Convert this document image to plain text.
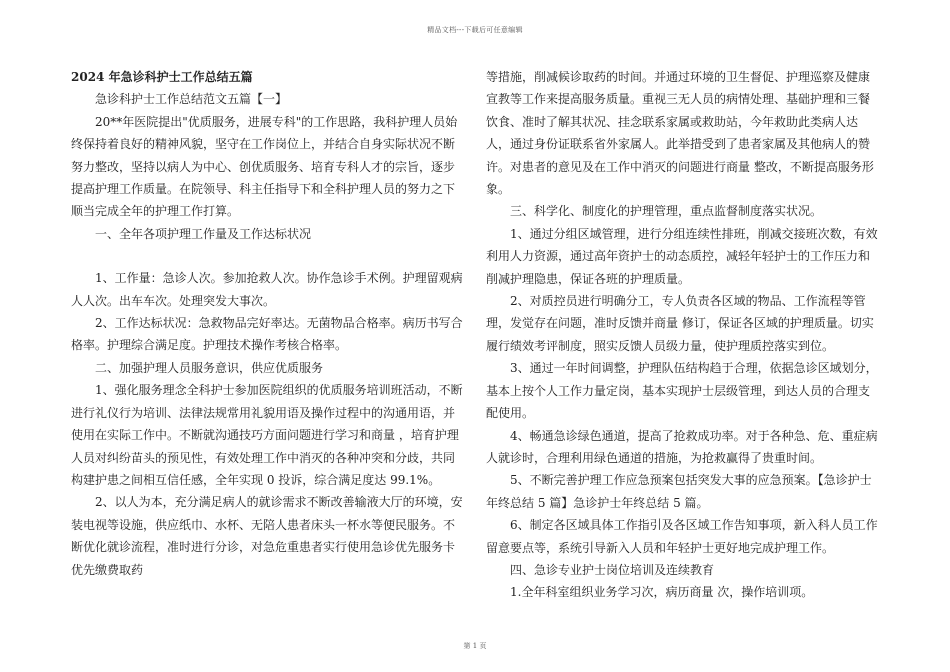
精品文档---下载后可任意编辑

2024 年急诊科护士工作总结五篇

急诊科护士工作总结范文五篇【一】

20**年医院提出"优质服务，进展专科"的工作思路，我科护理人员始终保持着良好的精神风貌，坚守在工作岗位上，并结合自身实际状况不断努力整改，坚持以病人为中心、创优质服务、培育专科人才的宗旨，逐步提高护理工作质量。在院领导、科主任指导下和全科护理人员的努力之下顺当完成全年的护理工作打算。

一、全年各项护理工作量及工作达标状况

1、工作量：急诊人次。参加抢救人次。协作急诊手术例。护理留观病人人次。出车车次。处理突发大事次。

2、工作达标状况：急救物品完好率达。无菌物品合格率。病历书写合格率。护理综合满足度。护理技术操作考核合格率。

二、加强护理人员服务意识，供应优质服务

1、强化服务理念全科护士参加医院组织的优质服务培训班活动，不断进行礼仪行为培训、法律法规常用礼貌用语及操作过程中的沟通用语，并使用在实际工作中。不断就沟通技巧方面问题进行学习和商量 ，培育护理人员对纠纷苗头的预见性，有效处理工作中消灭的各种冲突和分歧，共同构建护患之间相互信任感，全年实现 0 投诉，综合满足度达 99.1%。

2、以人为本，充分满足病人的就诊需求不断改善输液大厅的环境，安装电视等设施，供应纸巾、水杯、无陪人患者床头一杯水等便民服务。不断优化就诊流程，准时进行分诊，对急危重患者实行使用急诊优先服务卡优先缴费取药

等措施，削减候诊取药的时间。并通过环境的卫生督促、护理巡察及健康宣教等工作来提高服务质量。重视三无人员的病情处理、基础护理和三餐饮食、准时了解其状况、挂念联系家属或救助站，今年救助此类病人达人，通过身份证联系省外家属人。此举措受到了患者家属及其他病人的赞许。对患者的意见及在工作中消灭的问题进行商量 整改，不断提高服务形象。

三、科学化、制度化的护理管理，重点监督制度落实状况。

1、通过分组区域管理，进行分组连续性排班，削减交接班次数，有效利用人力资源，通过高年资护士的动态质控，减轻年轻护士的工作压力和削减护理隐患，保证各班的护理质量。

2、对质控员进行明确分工，专人负责各区域的物品、工作流程等管理，发觉存在问题，准时反馈并商量 修订，保证各区域的护理质量。切实履行绩效考评制度，照实反馈人员级力量，使护理质控落实到位。

3、通过一年时间调整，护理队伍结构趋于合理，依据急诊区域划分，基本上按个人工作力量定岗，基本实现护士层级管理，到达人员的合理支配使用。

4、畅通急诊绿色通道，提高了抢救成功率。对于各种急、危、重症病人就诊时，合理利用绿色通道的措施，为抢救赢得了贵重时间。

5、不断完善护理工作应急预案包括突发大事的应急预案。【急诊护士年终总结 5 篇】急诊护士年终总结 5 篇。

6、制定各区域具体工作指引及各区域工作告知事项，新入科人员工作留意要点等，系统引导新入人员和年轻护士更好地完成护理工作。

四、急诊专业护士岗位培训及连续教育

1.全年科室组织业务学习次，病历商量 次，操作培训项。

第 1 页
